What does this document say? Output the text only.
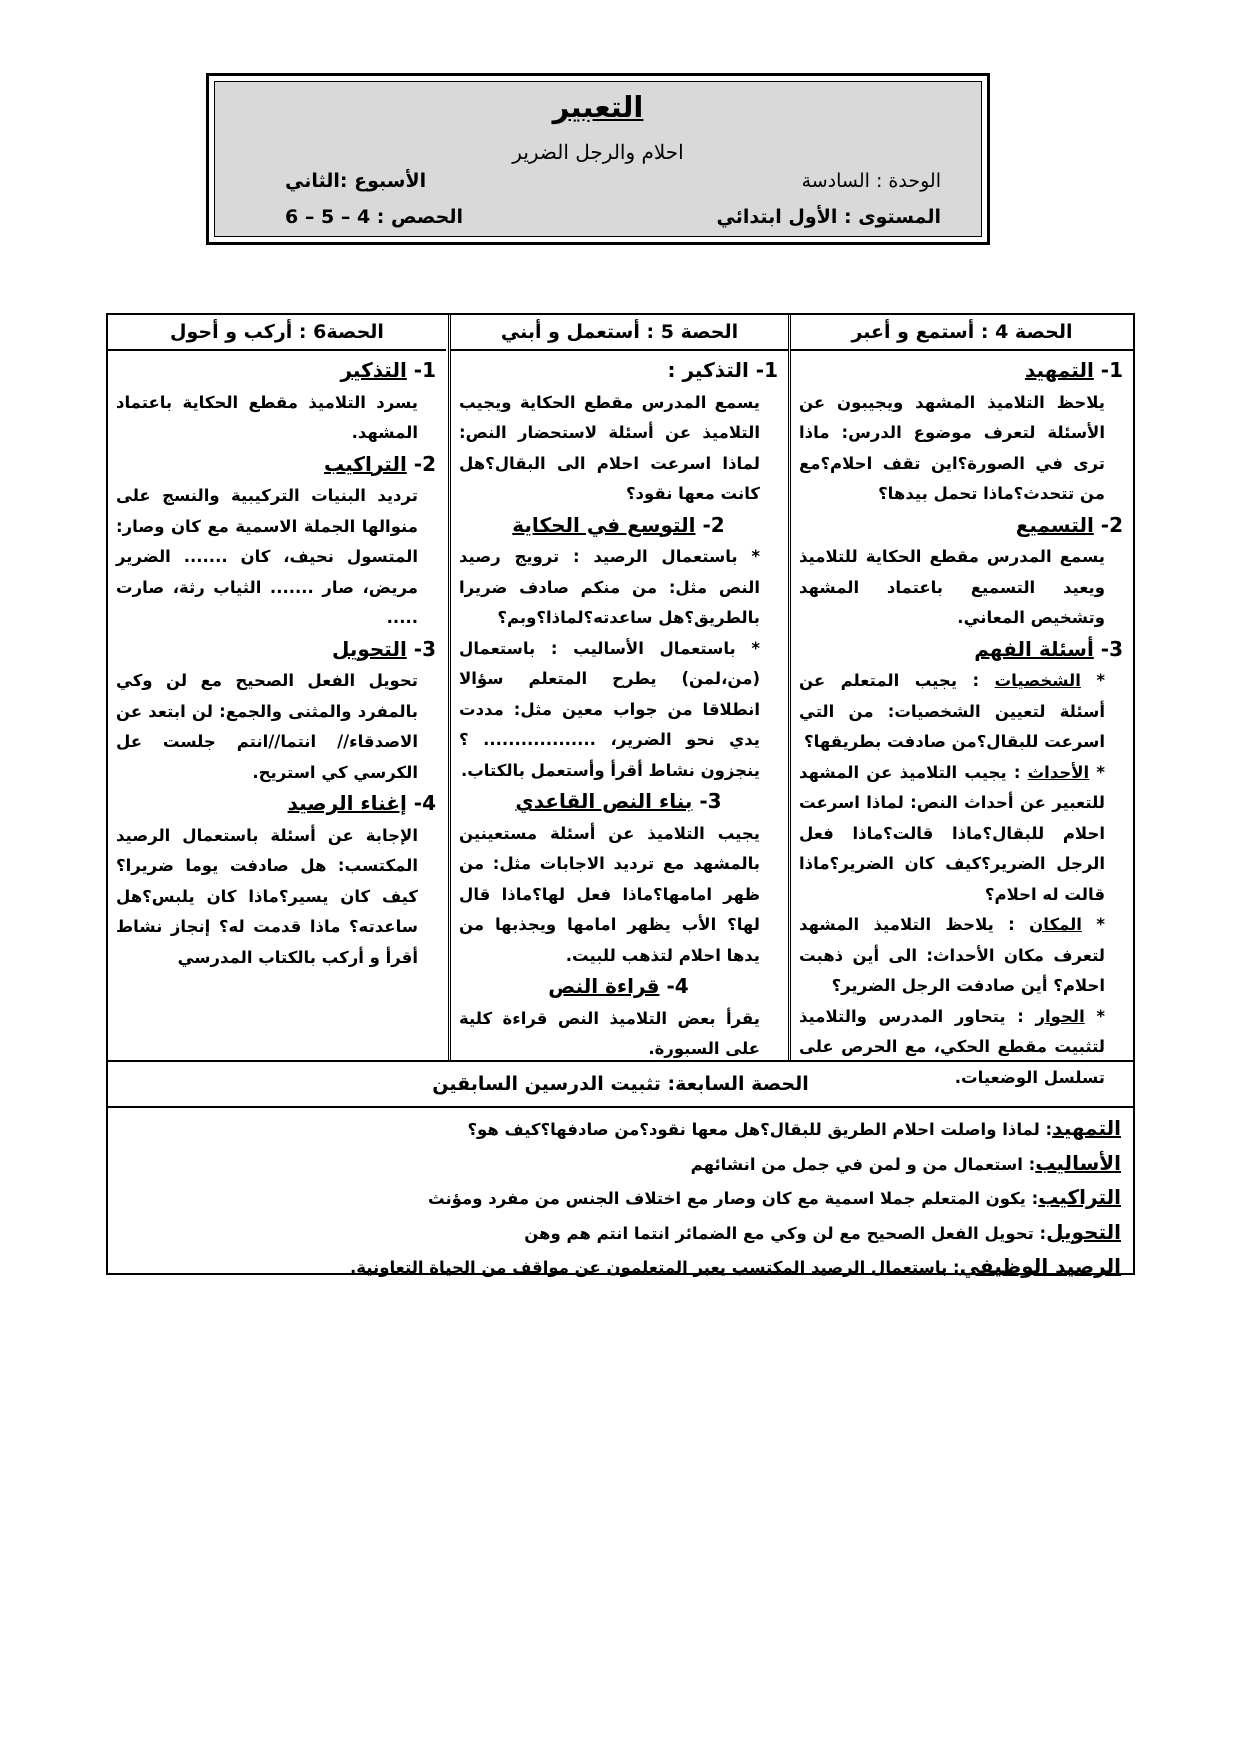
التعبير
احلام والرجل الضرير
الوحدة : السادسة
الأسبوع :الثاني
المستوى : الأول ابتدائي
الحصص : 4 – 5 – 6
الحصة 4 : أستمع و أعبر

1- التمهيد

يلاحظ التلاميذ المشهد ويجيبون عن الأسئلة لتعرف موضوع الدرس: ماذا ترى في الصورة؟اين تقف احلام؟مع من تتحدث؟ماذا تحمل بيدها؟

2- التسميع

يسمع المدرس مقطع الحكاية للتلاميذ ويعيد التسميع باعتماد المشهد وتشخيص المعاني.

3- أسئلة الفهم

* الشخصيات : يجيب المتعلم عن أسئلة لتعيين الشخصيات: من التي اسرعت للبقال؟من صادفت بطريقها؟

* الأحداث : يجيب التلاميذ عن المشهد للتعبير عن أحداث النص: لماذا اسرعت احلام للبقال؟ماذا قالت؟ماذا فعل الرجل الضرير؟كيف كان الضرير؟ماذا قالت له احلام؟

* المكان : يلاحظ التلاميذ المشهد لتعرف مكان الأحداث: الى أين ذهبت احلام؟ أين صادفت الرجل الضرير؟

* الحوار : يتحاور المدرس والتلاميذ لتثبيت مقطع الحكي، مع الحرص على تسلسل الوضعيات.

الحصة 5 : أستعمل و أبني

1- التذكير :

يسمع المدرس مقطع الحكاية ويجيب التلاميذ عن أسئلة لاستحضار النص: لماذا اسرعت احلام الى البقال؟هل كانت معها نقود؟

2- التوسع في الحكاية

* باستعمال الرصيد : ترويج رصيد النص مثل: من منكم صادف ضريرا بالطريق؟هل ساعدته؟لماذا؟وبم؟

* باستعمال الأساليب : باستعمال (من،لمن) يطرح المتعلم سؤالا انطلاقا من جواب معين مثل: مددت يدي نحو الضرير، .................. ؟ ينجزون نشاط أقرأ وأستعمل بالكتاب.

3- بناء النص القاعدي

يجيب التلاميذ عن أسئلة مستعينين بالمشهد مع ترديد الاجابات مثل: من ظهر امامها؟ماذا فعل لها؟ماذا قال لها؟ الأب يظهر امامها ويجذبها من يدها احلام لتذهب للبيت.

4- قراءة النص

يقرأ بعض التلاميذ النص قراءة كلية على السبورة.

الحصة6 : أركب و أحول

1- التذكير

يسرد التلاميذ مقطع الحكاية باعتماد المشهد.

2- التراكيب

ترديد البنيات التركيبية والنسج على منوالها الجملة الاسمية مع كان وصار: المتسول نحيف، كان ....... الضرير مريض، صار ....... الثياب رثة، صارت .....

3- التحويل

تحويل الفعل الصحيح مع لن وكي بالمفرد والمثنى والجمع: لن ابتعد عن الاصدقاء// انتما//انتم جلست عل الكرسي كي استريح.

4- إغناء الرصيد

الإجابة عن أسئلة باستعمال الرصيد المكتسب: هل صادفت يوما ضريرا؟كيف كان يسير؟ماذا كان يلبس؟هل ساعدته؟ ماذا قدمت له؟ إنجاز نشاط أقرأ و أركب بالكتاب المدرسي

الحصة السابعة: تثبيت الدرسين السابقين
التمهيد: لماذا واصلت احلام الطريق للبقال؟هل معها نقود؟من صادفها؟كيف هو؟
الأساليب: استعمال من و لمن في جمل من انشائهم
التراكيب: يكون المتعلم جملا اسمية مع كان وصار مع اختلاف الجنس من مفرد ومؤنث
التحويل: تحويل الفعل الصحيح مع لن وكي مع الضمائر انتما انتم هم وهن
الرصيد الوظيفي: باستعمال الرصيد المكتسب يعبر المتعلمون عن مواقف من الحياة التعاونية.
